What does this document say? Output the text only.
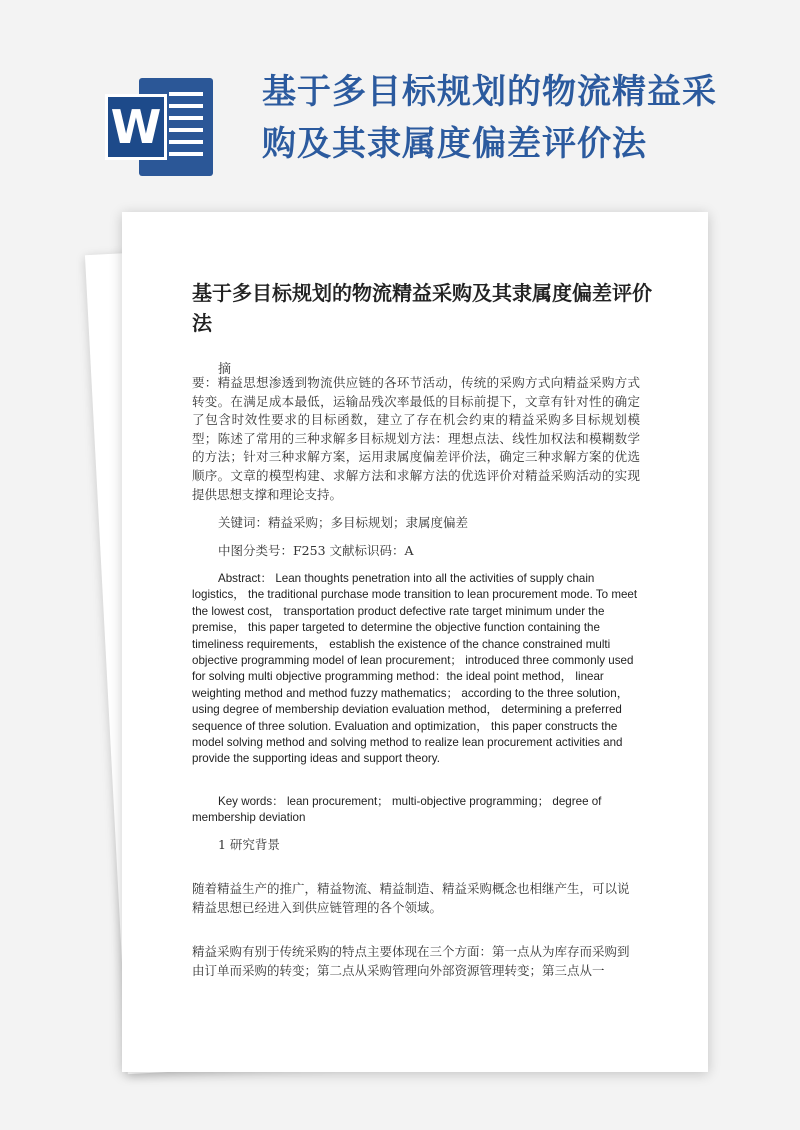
W
基于多目标规划的物流精益采购及其隶属度偏差评价法
基于多目标规划的物流精益采购及其隶属度偏差评价法
摘
要：精益思想渗透到物流供应链的各环节活动，传统的采购方式向精益采购方式转变。在满足成本最低，运输品残次率最低的目标前提下，文章有针对性的确定了包含时效性要求的目标函数，建立了存在机会约束的精益采购多目标规划模型；陈述了常用的三种求解多目标规划方法：理想点法、线性加权法和模糊数学的方法；针对三种求解方案，运用隶属度偏差评价法，确定三种求解方案的优选顺序。文章的模型构建、求解方法和求解方法的优选评价对精益采购活动的实现提供思想支撑和理论支持。
关键词：精益采购；多目标规划；隶属度偏差
中图分类号：F253 文献标识码：A
Abstract： Lean thoughts penetration into all the activities of supply chain logistics， the traditional purchase mode transition to lean procurement mode. To meet the lowest cost， transportation product defective rate target minimum under the premise， this paper targeted to determine the objective function containing the timeliness requirements， establish the existence of the chance constrained multi objective programming model of lean procurement； introduced three commonly used for solving multi objective programming method：the ideal point method， linear weighting method and method fuzzy mathematics； according to the three solution， using degree of membership deviation evaluation method， determining a preferred sequence of three solution. Evaluation and optimization， this paper constructs the model solving method and solving method to realize lean procurement activities and provide the supporting ideas and support theory.
Key words： lean procurement； multi-objective programming； degree of membership deviation
1 研究背景
随着精益生产的推广，精益物流、精益制造、精益采购概念也相继产生，可以说精益思想已经进入到供应链管理的各个领域。
精益采购有别于传统采购的特点主要体现在三个方面：第一点从为库存而采购到由订单而采购的转变；第二点从采购管理向外部资源管理转变；第三点从一
